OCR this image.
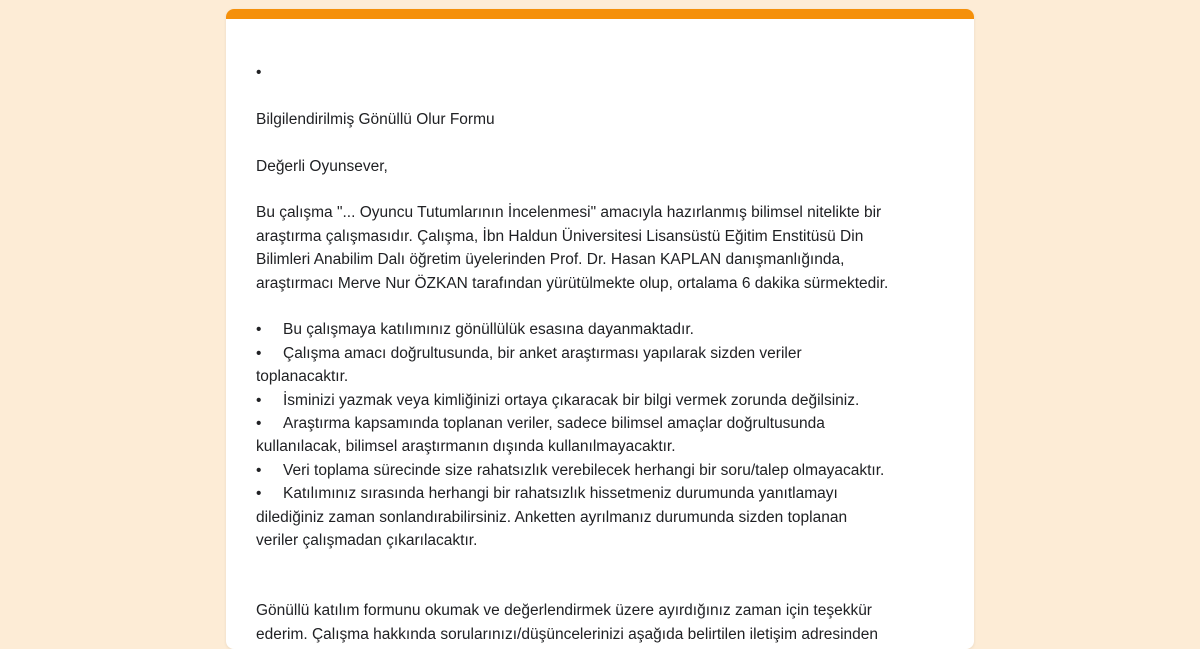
•

Bilgilendirilmiş Gönüllü Olur Formu

Değerli Oyunsever,

Bu çalışma "... Oyuncu Tutumlarının İncelenmesi" amacıyla hazırlanmış bilimsel nitelikte bir

araştırma çalışmasıdır. Çalışma, İbn Haldun Üniversitesi Lisansüstü Eğitim Enstitüsü Din

Bilimleri Anabilim Dalı öğretim üyelerinden Prof. Dr. Hasan KAPLAN danışmanlığında,

araştırmacı Merve Nur ÖZKAN tarafından yürütülmekte olup, ortalama 6 dakika sürmektedir.

• Bu çalışmaya katılımınız gönüllülük esasına dayanmaktadır.

• Çalışma amacı doğrultusunda, bir anket araştırması yapılarak sizden veriler

toplanacaktır.

• İsminizi yazmak veya kimliğinizi ortaya çıkaracak bir bilgi vermek zorunda değilsiniz.

• Araştırma kapsamında toplanan veriler, sadece bilimsel amaçlar doğrultusunda

kullanılacak, bilimsel araştırmanın dışında kullanılmayacaktır.

• Veri toplama sürecinde size rahatsızlık verebilecek herhangi bir soru/talep olmayacaktır.

• Katılımınız sırasında herhangi bir rahatsızlık hissetmeniz durumunda yanıtlamayı

dilediğiniz zaman sonlandırabilirsiniz. Anketten ayrılmanız durumunda sizden toplanan

veriler çalışmadan çıkarılacaktır.

Gönüllü katılım formunu okumak ve değerlendirmek üzere ayırdığınız zaman için teşekkür

ederim. Çalışma hakkında sorularınızı/düşüncelerinizi aşağıda belirtilen iletişim adresinden
